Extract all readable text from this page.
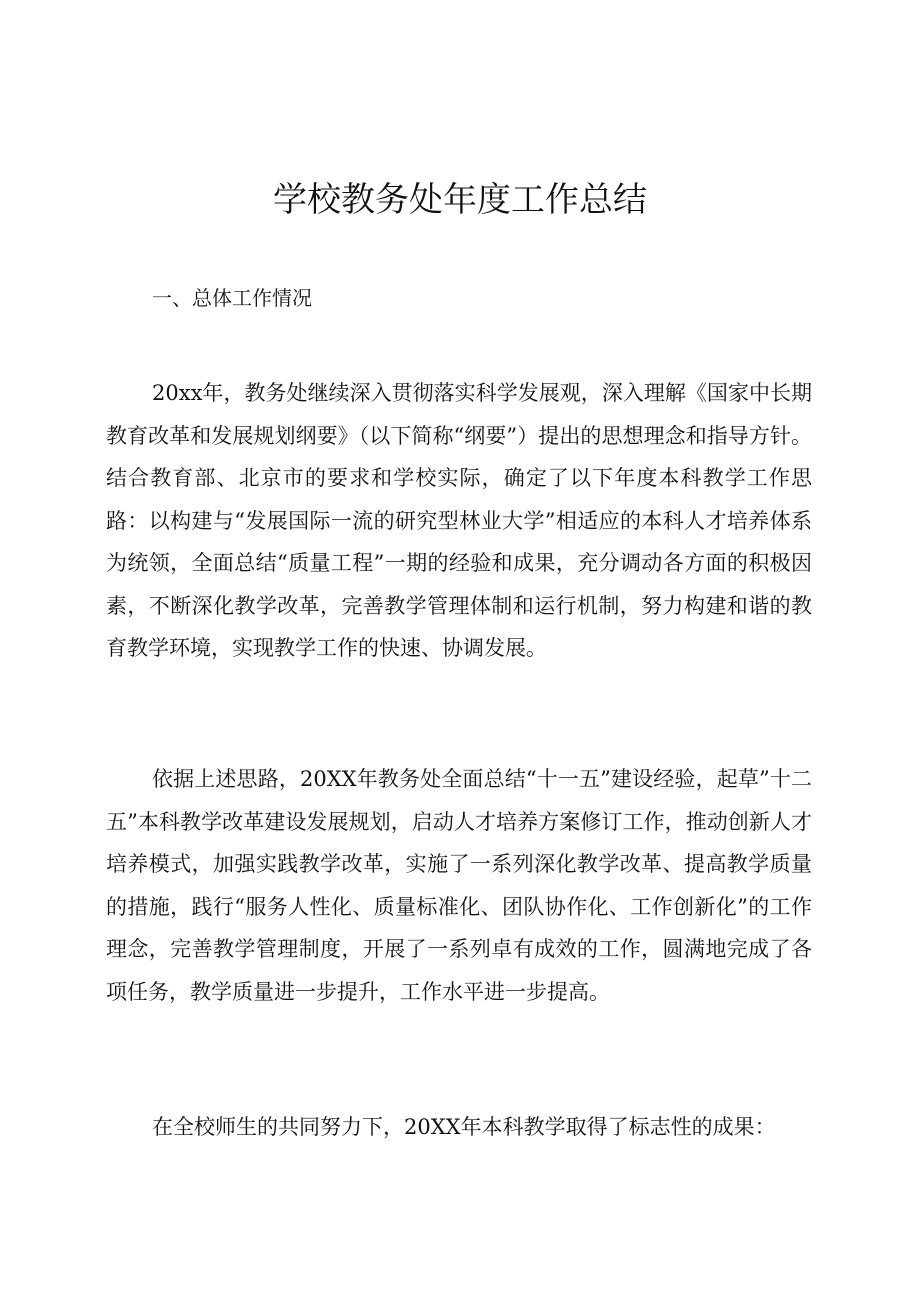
学校教务处年度工作总结
一、总体工作情况

20xx年，教务处继续深入贯彻落实科学发展观，深入理解《国家中长期教育改革和发展规划纲要》（以下简称“纲要”）提出的思想理念和指导方针。结合教育部、北京市的要求和学校实际，确定了以下年度本科教学工作思路：以构建与“发展国际一流的研究型林业大学”相适应的本科人才培养体系为统领，全面总结“质量工程”一期的经验和成果，充分调动各方面的积极因素，不断深化教学改革，完善教学管理体制和运行机制，努力构建和谐的教育教学环境，实现教学工作的快速、协调发展。

依据上述思路，20XX年教务处全面总结“十一五”建设经验，起草”十二五”本科教学改革建设发展规划，启动人才培养方案修订工作，推动创新人才培养模式，加强实践教学改革，实施了一系列深化教学改革、提高教学质量的措施，践行“服务人性化、质量标准化、团队协作化、工作创新化”的工作理念，完善教学管理制度，开展了一系列卓有成效的工作，圆满地完成了各项任务，教学质量进一步提升，工作水平进一步提高。

在全校师生的共同努力下，20XX年本科教学取得了标志性的成果：
